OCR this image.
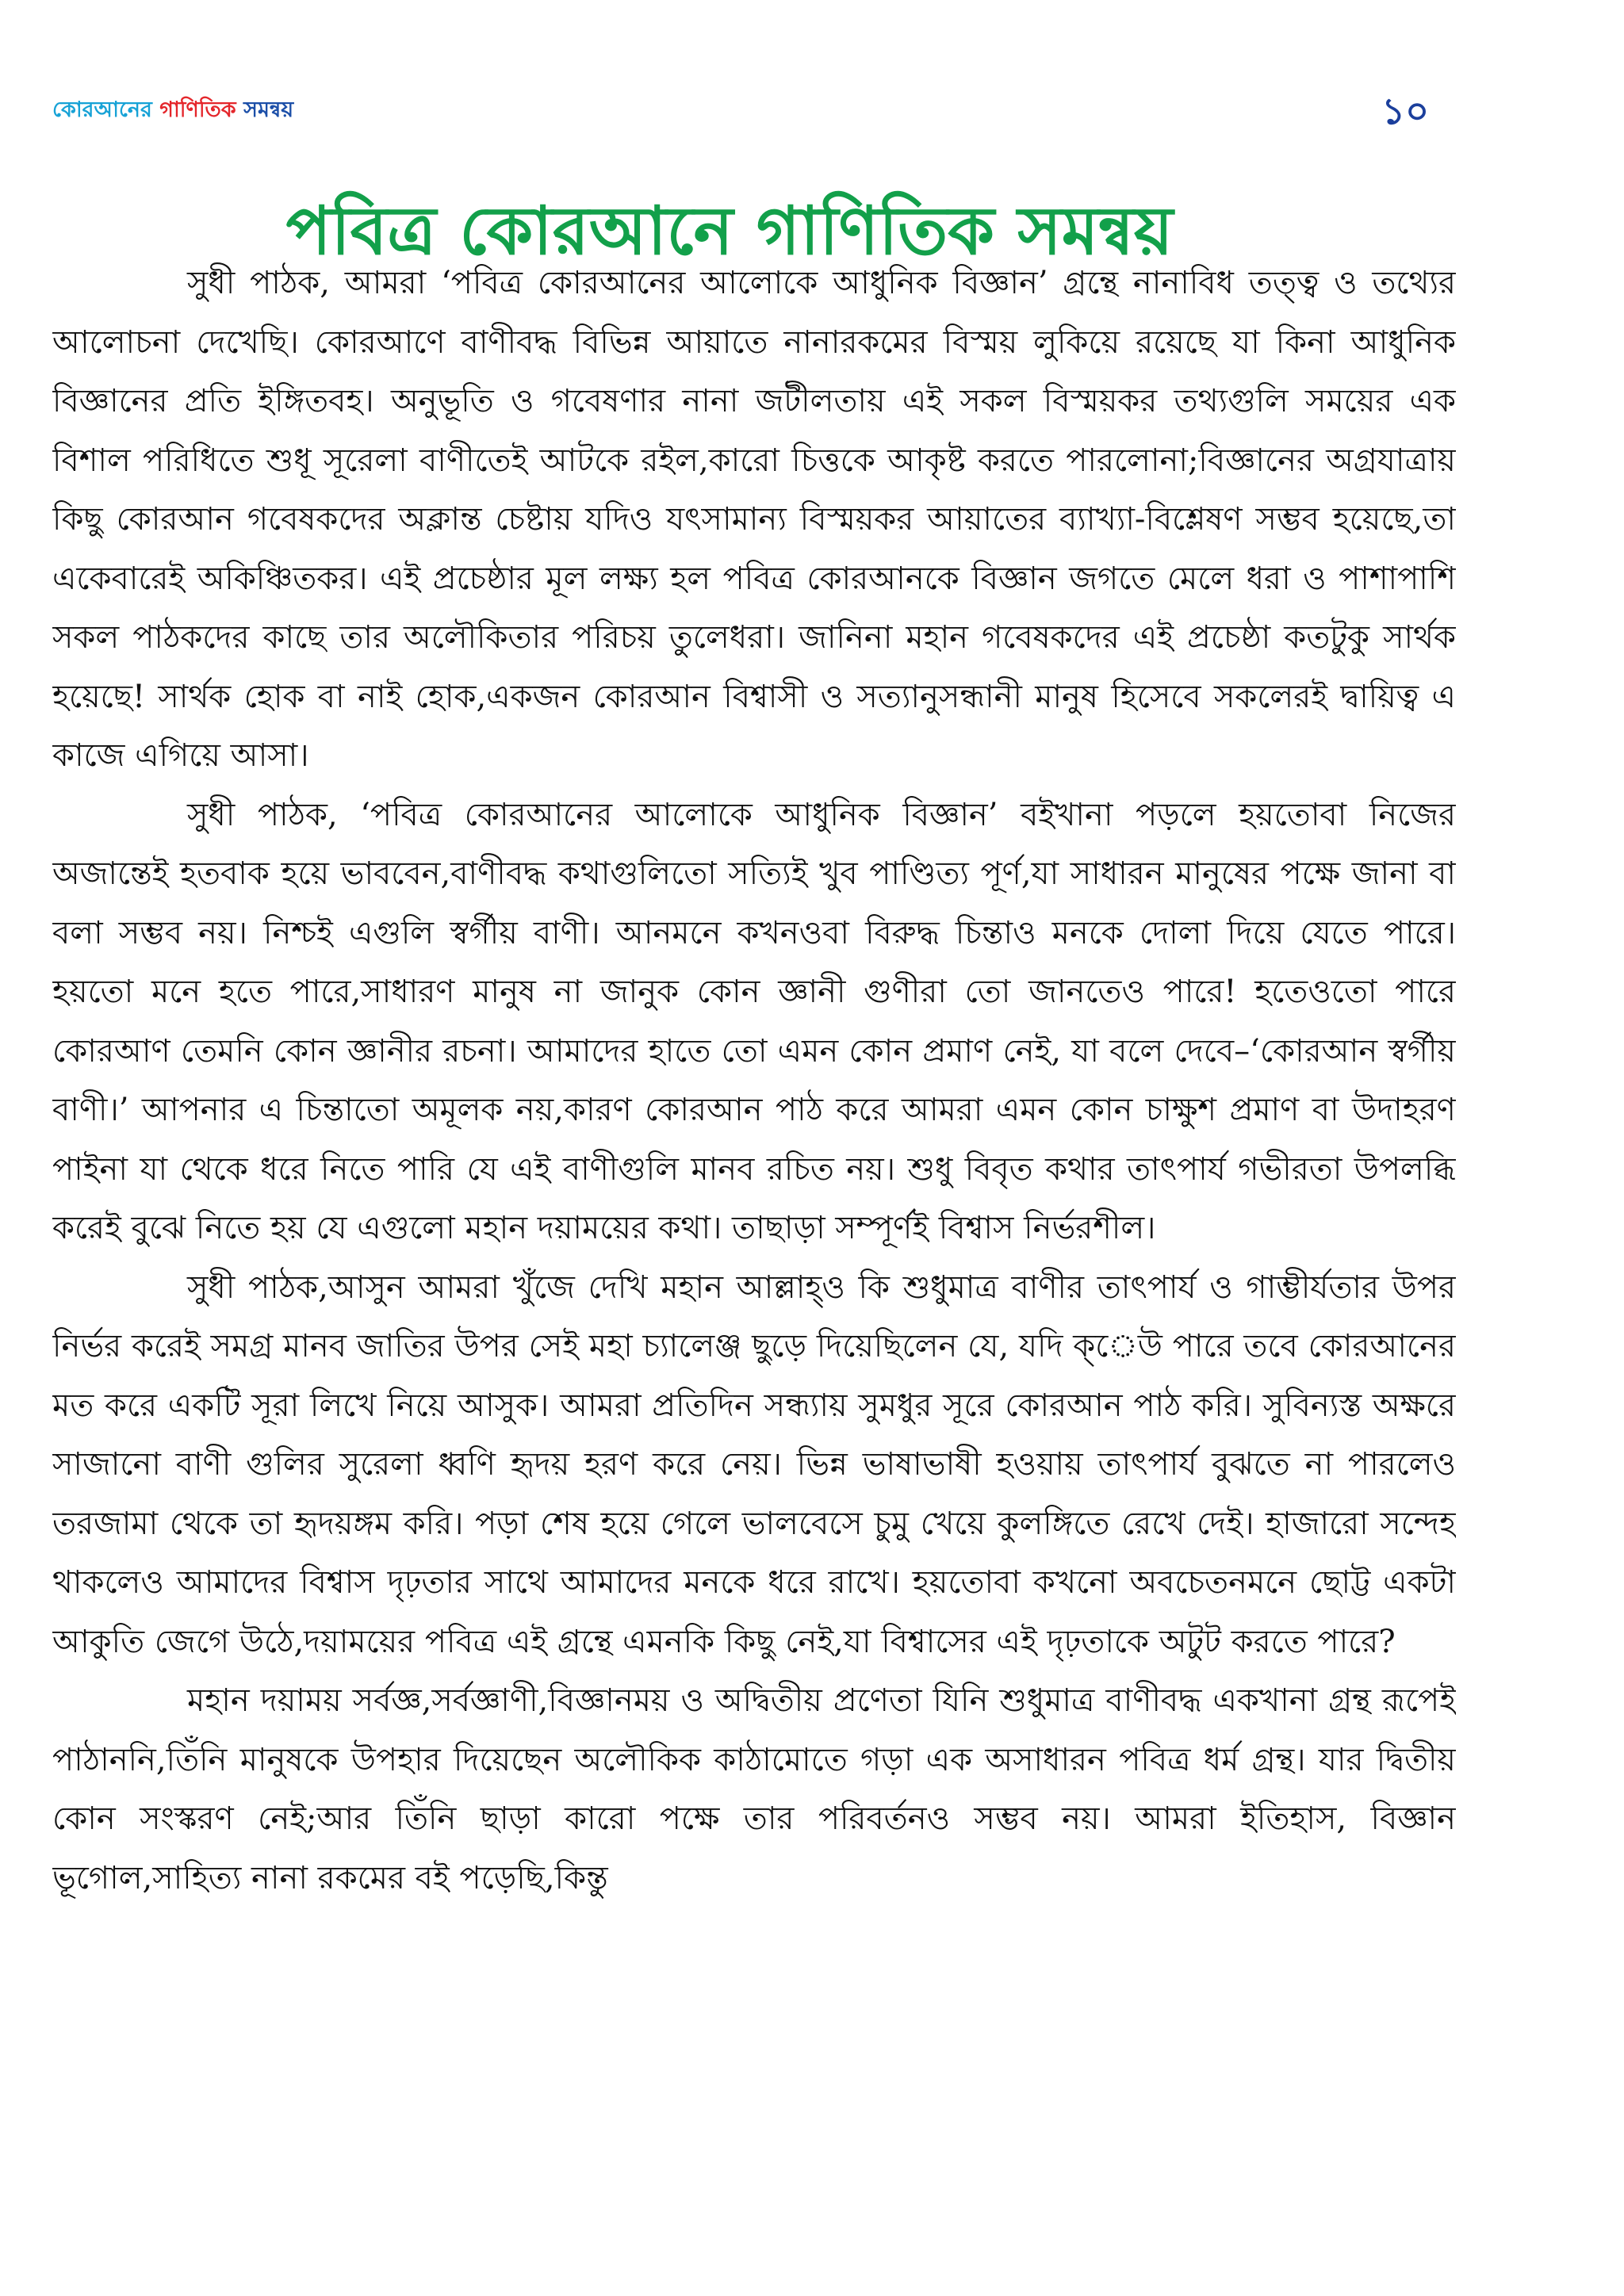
কোরআনের গাণিতিক সমন্বয়	১০
পবিত্র কোরআনে গাণিতিক সমন্বয়

সুধী পাঠক, আমরা ‘পবিত্র কোরআনের আলোকে আধুনিক বিজ্ঞান’ গ্রন্থে নানাবিধ তত্ত্ব ও তথ্যের আলোচনা দেখেছি। কোরআণে বাণীবদ্ধ বিভিন্ন আয়াতে নানারকমের বিস্ময় লুকিয়ে রয়েছে যা কিনা আধুনিক বিজ্ঞানের প্রতি ইঙ্গিতবহ। অনুভূতি ও গবেষণার নানা জটীলতায় এই সকল বিস্ময়কর তথ্যগুলি সময়ের এক বিশাল পরিধিতে শুধূ সূরেলা বাণীতেই আটকে রইল,কারো চিত্তকে আকৃষ্ট করতে পারলোনা;বিজ্ঞানের অগ্রযাত্রায় কিছু কোরআন গবেষকদের অক্লান্ত চেষ্টায় যদিও যৎসামান্য বিস্ময়কর আয়াতের ব্যাখ্যা-বিশ্লেষণ সম্ভব হয়েছে,তা একেবারেই অকিঞ্চিতকর। এই প্রচেষ্ঠার মূল লক্ষ্য হল পবিত্র কোরআনকে বিজ্ঞান জগতে মেলে ধরা ও পাশাপাশি সকল পাঠকদের কাছে তার অলৌকিতার পরিচয় তুলেধরা। জানিনা মহান গবেষকদের এই প্রচেষ্ঠা কতটুকু সার্থক হয়েছে! সার্থক হোক বা নাই হোক,একজন কোরআন বিশ্বাসী ও সত্যানুসন্ধানী মানুষ হিসেবে সকলেরই দ্বায়িত্ব এ কাজে এগিয়ে আসা।

সুধী পাঠক, ‘পবিত্র কোরআনের আলোকে আধুনিক বিজ্ঞান’ বইখানা পড়লে হয়তোবা নিজের অজান্তেই হতবাক হয়ে ভাববেন,বাণীবদ্ধ কথাগুলিতো সত্যিই খুব পাণ্ডিত্য পূর্ণ,যা সাধারন মানুষের পক্ষে জানা বা বলা সম্ভব নয়। নিশ্চই এগুলি স্বর্গীয় বাণী। আনমনে কখনওবা বিরুদ্ধ চিন্তাও মনকে দোলা দিয়ে যেতে পারে। হয়তো মনে হতে পারে,সাধারণ মানুষ না জানুক কোন জ্ঞানী গুণীরা তো জানতেও পারে! হতেওতো পারে কোরআণ তেমনি কোন জ্ঞানীর রচনা। আমাদের হাতে তো এমন কোন প্রমাণ নেই, যা বলে দেবে–‘কোরআন স্বর্গীয় বাণী।’ আপনার এ চিন্তাতো অমূলক নয়,কারণ কোরআন পাঠ করে আমরা এমন কোন চাক্ষুশ প্রমাণ বা উদাহরণ পাইনা যা থেকে ধরে নিতে পারি যে এই বাণীগুলি মানব রচিত নয়। শুধু বিবৃত কথার তাৎপার্য গভীরতা উপলব্ধি করেই বুঝে নিতে হয় যে এগুলো মহান দয়াময়ের কথা। তাছাড়া সম্পূর্ণই বিশ্বাস নির্ভরশীল।

সুধী পাঠক,আসুন আমরা খুঁজে দেখি মহান আল্লাহ্ও কি শুধুমাত্র বাণীর তাৎপার্য ও গাম্ভীর্যতার উপর নির্ভর করেই সমগ্র মানব জাতির উপর সেই মহা চ্যালেঞ্জ ছুড়ে দিয়েছিলেন যে, যদি ক্েউ পারে তবে কোরআনের মত করে একটি সূরা লিখে নিয়ে আসুক। আমরা প্রতিদিন সন্ধ্যায় সুমধুর সূরে কোরআন পাঠ করি। সুবিন্যস্ত অক্ষরে সাজানো বাণী গুলির সুরেলা ধ্বণি হৃদয় হরণ করে নেয়। ভিন্ন ভাষাভাষী হওয়ায় তাৎপার্য বুঝতে না পারলেও তরজামা থেকে তা হৃদয়ঙ্গম করি। পড়া শেষ হয়ে গেলে ভালবেসে চুমু খেয়ে কুলঙ্গিতে রেখে দেই। হাজারো সন্দেহ থাকলেও আমাদের বিশ্বাস দৃঢ়তার সাথে আমাদের মনকে ধরে রাখে। হয়তোবা কখনো অবচেতনমনে ছোট্ট একটা আকুতি জেগে উঠে,দয়াময়ের পবিত্র এই গ্রন্থে এমনকি কিছু নেই,যা বিশ্বাসের এই দৃঢ়তাকে অটুট করতে পারে?

মহান দয়াময় সর্বজ্ঞ,সর্বজ্ঞাণী,বিজ্ঞানময় ও অদ্বিতীয় প্রণেতা যিনি শুধুমাত্র বাণীবদ্ধ একখানা গ্রন্থ রূপেই পাঠাননি,তিঁনি মানুষকে উপহার দিয়েছেন অলৌকিক কাঠামোতে গড়া এক অসাধারন পবিত্র ধর্ম গ্রন্থ। যার দ্বিতীয় কোন সংস্করণ নেই;আর তিঁনি ছাড়া কারো পক্ষে তার পরিবর্তনও সম্ভব নয়। আমরা ইতিহাস, বিজ্ঞান ভূগোল,সাহিত্য নানা রকমের বই পড়েছি,কিন্তু
